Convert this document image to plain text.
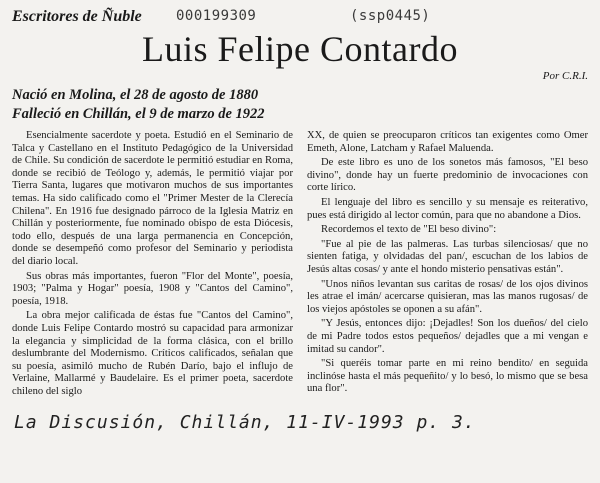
Escritores de Ñuble 000199309	(ssp0445)
Luis Felipe Contardo
Por C.R.I.
Nació en Molina, el 28 de agosto de 1880
Falleció en Chillán, el 9 de marzo de 1922

Esencialmente sacerdote y poeta. Estudió en el Seminario de Talca y Castellano en el Instituto Pedagógico de la Universidad de Chile. Su condición de sacerdote le permitió estudiar en Roma, donde se recibió de Teólogo y, además, le permitió viajar por Tierra Santa, lugares que motivaron muchos de sus importantes temas. Ha sido calificado como el "Primer Mester de la Clerecía Chilena". En 1916 fue designado párroco de la Iglesia Matriz en Chillán y posteriormente, fue nominado obispo de esta Diócesis, todo ello, después de una larga permanencia en Concepción, donde se desempeñó como profesor del Seminario y periodista del diario local.

Sus obras más importantes, fueron "Flor del Monte", poesía, 1903; "Palma y Hogar" poesía, 1908 y "Cantos del Camino", poesía, 1918.

La obra mejor calificada de éstas fue "Cantos del Camino", donde Luis Felipe Contardo mostró su capacidad para armonizar la elegancia y simplicidad de la forma clásica, con el brillo deslumbrante del Modernismo. Críticos calificados, señalan que su poesía, asimiló mucho de Rubén Darío, bajo el influjo de Verlaine, Mallarmé y Baudelaire. Es el primer poeta, sacerdote chileno del siglo

XX, de quien se preocuparon críticos tan exigentes como Omer Emeth, Alone, Latcham y Rafael Maluenda.

De este libro es uno de los sonetos más famosos, "El beso divino", donde hay un fuerte predominio de invocaciones con corte lírico.

El lenguaje del libro es sencillo y su mensaje es reiterativo, pues está dirigido al lector común, para que no abandone a Dios.

Recordemos el texto de "El beso divino":

"Fue al pie de las palmeras. Las turbas silenciosas/ que no sienten fatiga, y olvidadas del pan/, escuchan de los labios de Jesús altas cosas/ y ante el hondo misterio pensativas están".

"Unos niños levantan sus caritas de rosas/ de los ojos divinos les atrae el imán/ acercarse quisieran, mas las manos rugosas/ de los viejos apóstoles se oponen a su afán".

"Y Jesús, entonces dijo: ¡Dejadles! Son los dueños/ del cielo de mi Padre todos estos pequeños/ dejadles que a mi vengan e imitad su candor".

"Si queréis tomar parte en mi reino bendito/ en seguida inclinóse hasta el más pequeñito/ y lo besó, lo mismo que se besa una flor".

La Discusión, Chillán, 11-IV-1993 p. 3.
